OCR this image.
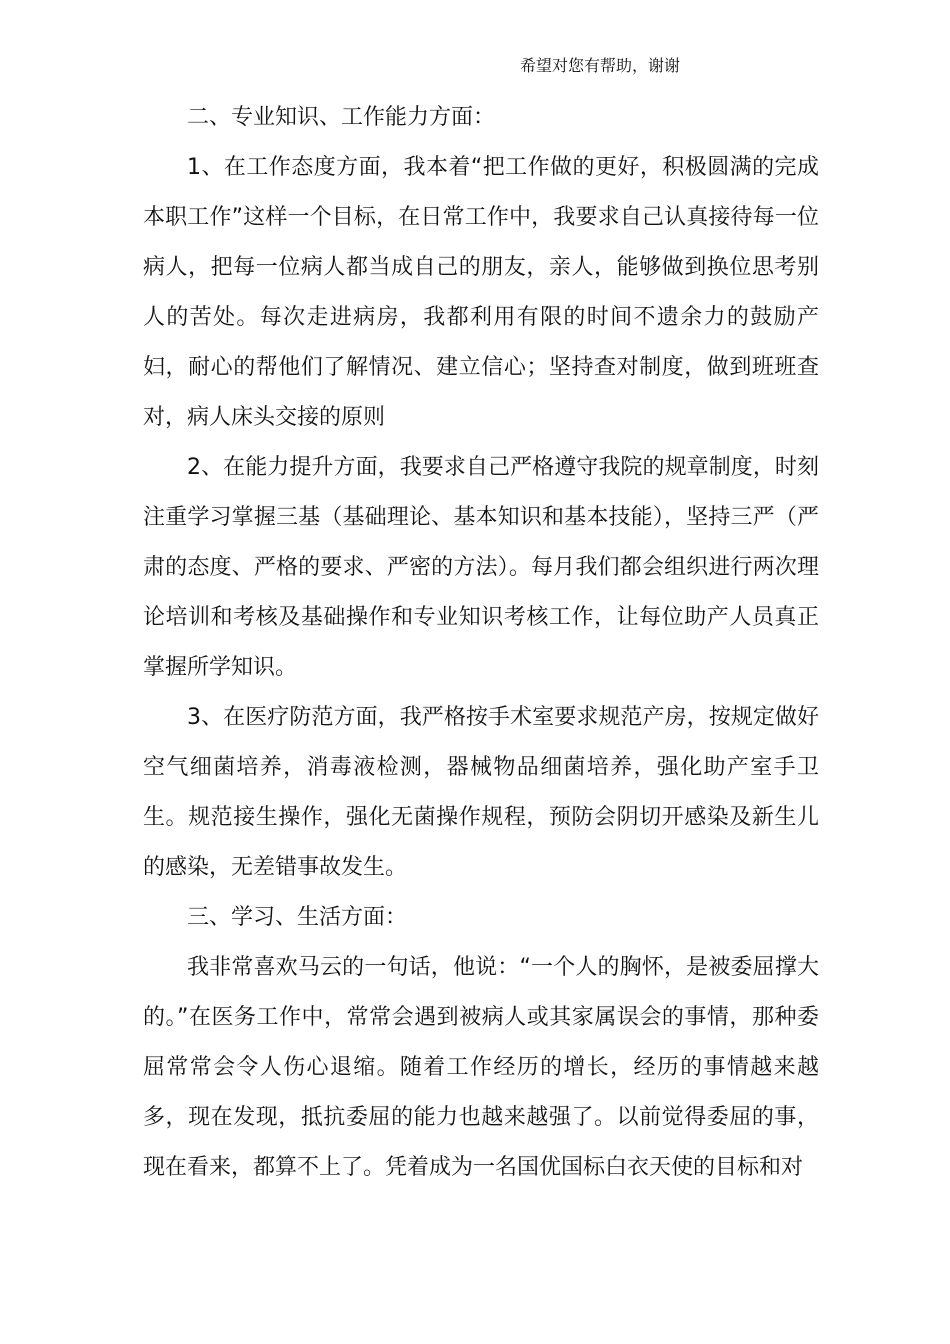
希望对您有帮助，谢谢

二、专业知识、工作能力方面：

1、在工作态度方面，我本着“把工作做的更好，积极圆满的完成本职工作”这样一个目标，在日常工作中，我要求自己认真接待每一位病人，把每一位病人都当成自己的朋友，亲人，能够做到换位思考别人的苦处。每次走进病房，我都利用有限的时间不遗余力的鼓励产妇，耐心的帮他们了解情况、建立信心；坚持查对制度，做到班班查对，病人床头交接的原则

2、在能力提升方面，我要求自己严格遵守我院的规章制度，时刻注重学习掌握三基（基础理论、基本知识和基本技能），坚持三严（严肃的态度、严格的要求、严密的方法）。每月我们都会组织进行两次理论培训和考核及基础操作和专业知识考核工作，让每位助产人员真正掌握所学知识。

3、在医疗防范方面，我严格按手术室要求规范产房，按规定做好空气细菌培养，消毒液检测，器械物品细菌培养，强化助产室手卫生。规范接生操作，强化无菌操作规程，预防会阴切开感染及新生儿的感染，无差错事故发生。

三、学习、生活方面：

我非常喜欢马云的一句话，他说：“一个人的胸怀，是被委屈撑大的。”在医务工作中，常常会遇到被病人或其家属误会的事情，那种委屈常常会令人伤心退缩。随着工作经历的增长，经历的事情越来越多，现在发现，抵抗委屈的能力也越来越强了。以前觉得委屈的事，现在看来，都算不上了。凭着成为一名国优国标白衣天使的目标和对
